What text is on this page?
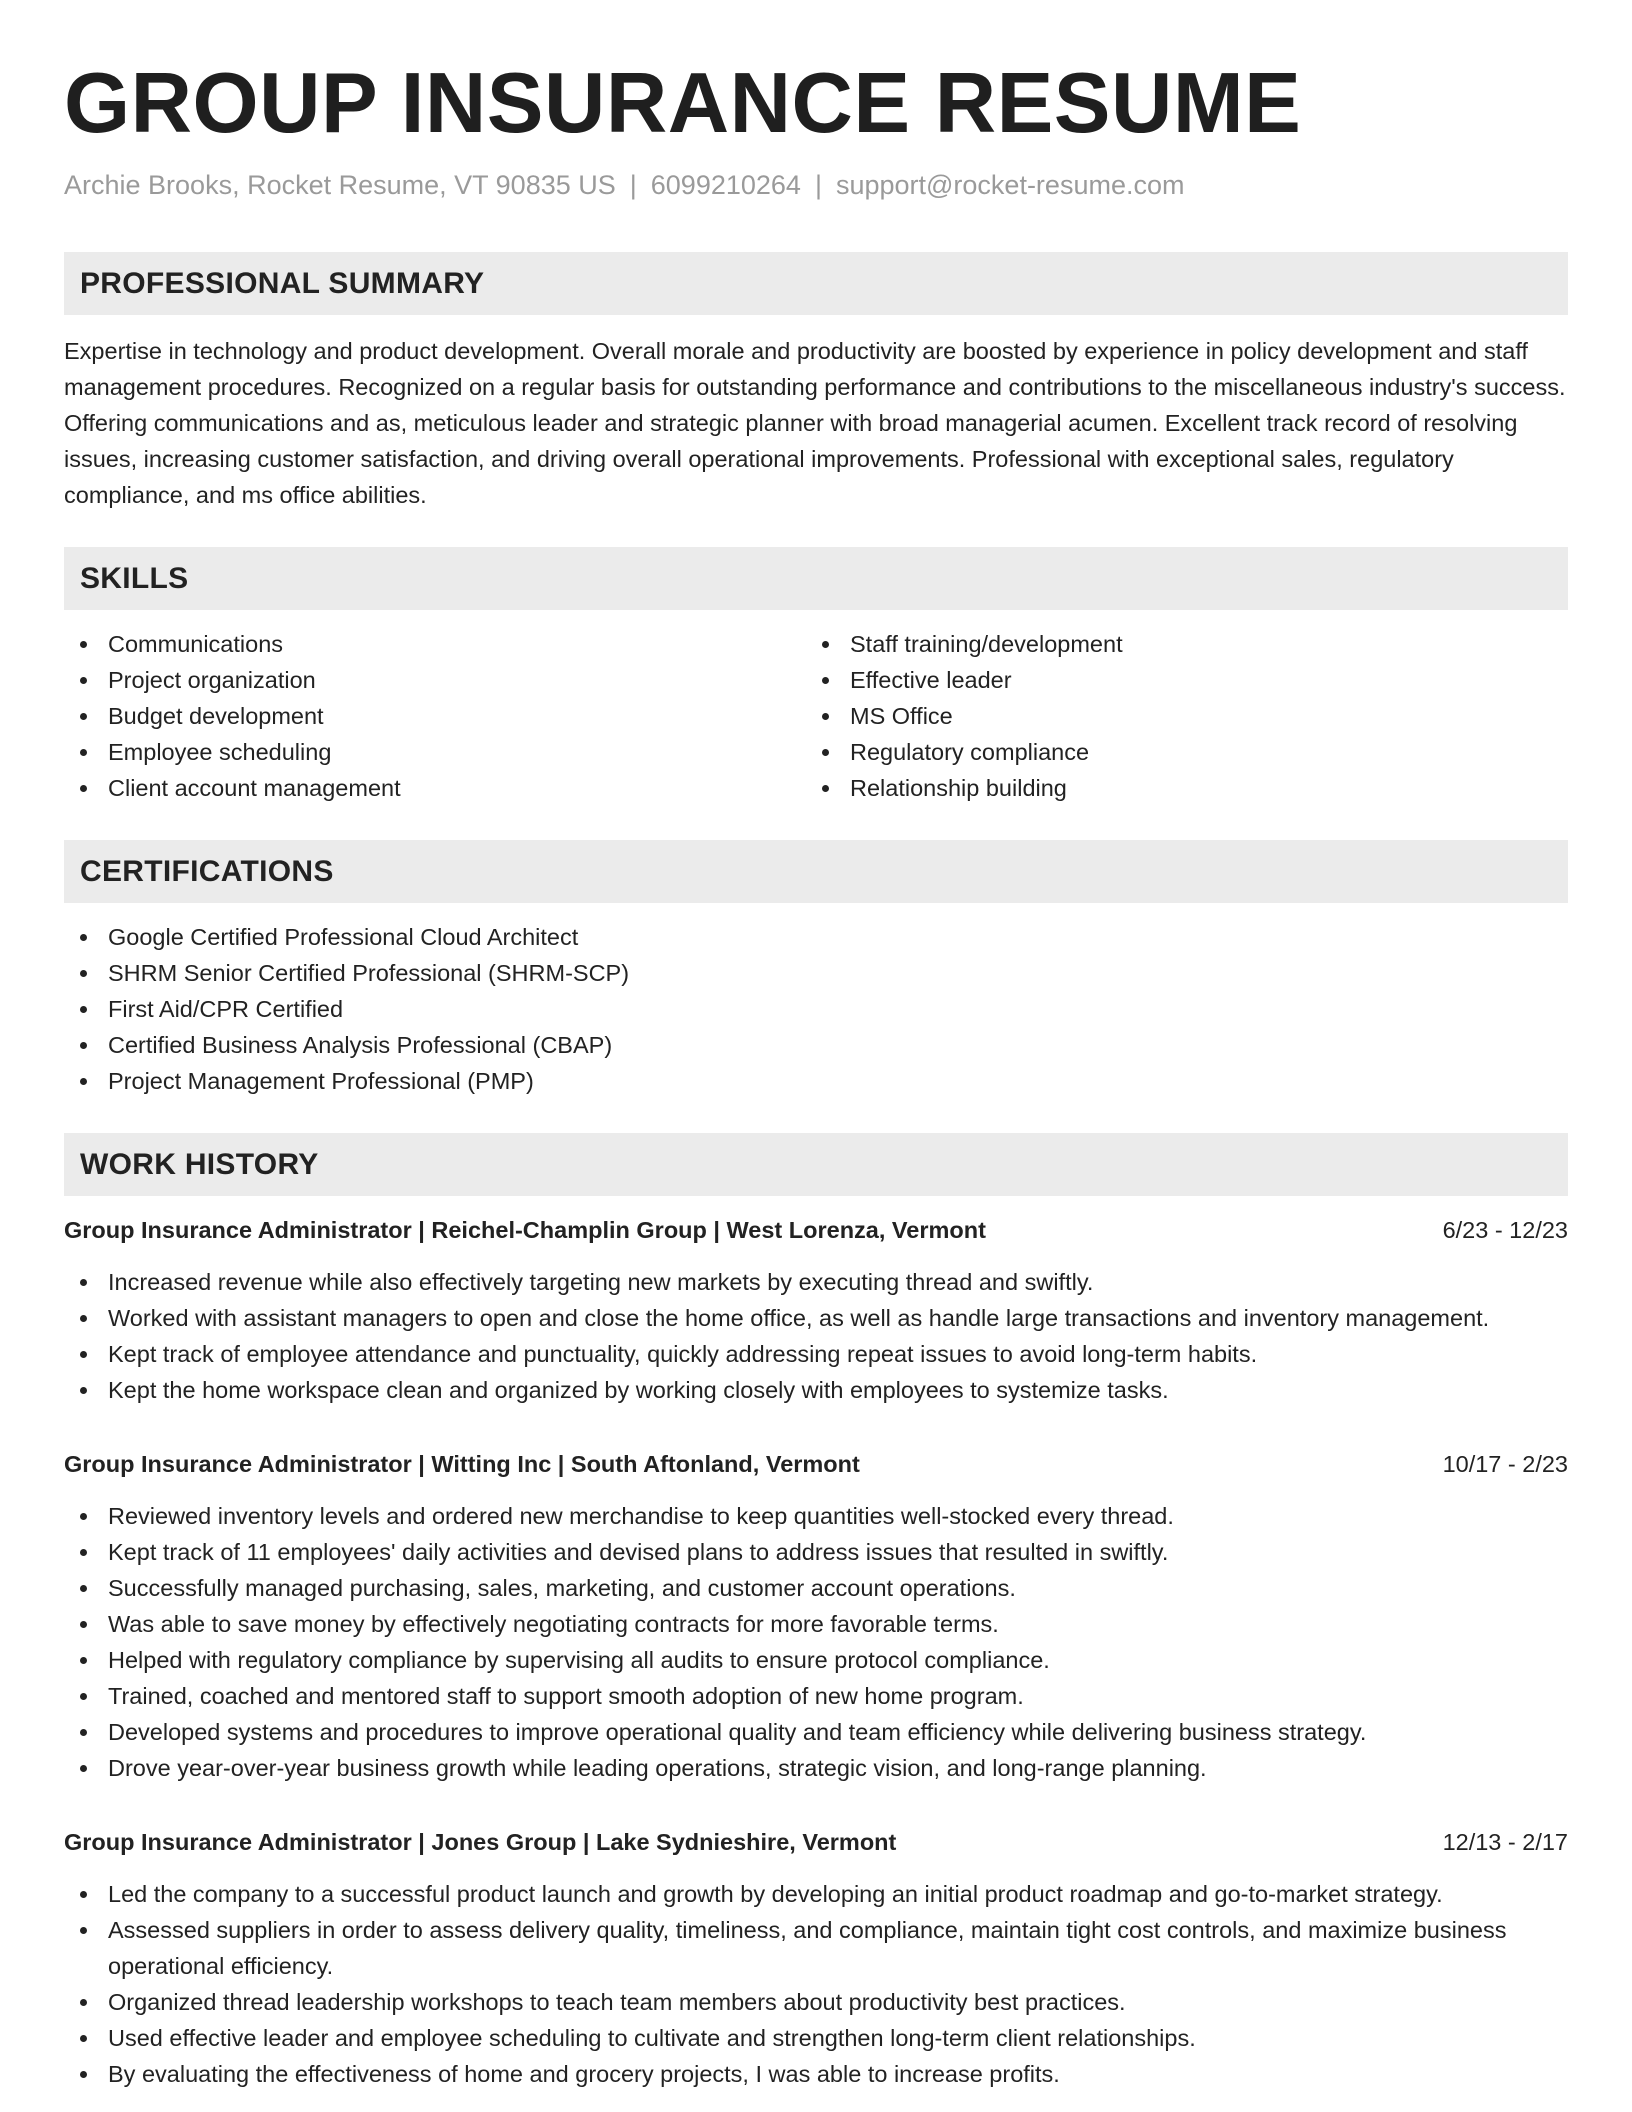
GROUP INSURANCE RESUME
Archie Brooks, Rocket Resume, VT 90835 US | 6099210264 | support@rocket-resume.com
PROFESSIONAL SUMMARY

Expertise in technology and product development. Overall morale and productivity are boosted by experience in policy development and staff management procedures. Recognized on a regular basis for outstanding performance and contributions to the miscellaneous industry's success. Offering communications and as, meticulous leader and strategic planner with broad managerial acumen. Excellent track record of resolving issues, increasing customer satisfaction, and driving overall operational improvements. Professional with exceptional sales, regulatory compliance, and ms office abilities.

SKILLS
Communications
Project organization
Budget development
Employee scheduling
Client account management
Staff training/development
Effective leader
MS Office
Regulatory compliance
Relationship building
CERTIFICATIONS
Google Certified Professional Cloud Architect
SHRM Senior Certified Professional (SHRM-SCP)
First Aid/CPR Certified
Certified Business Analysis Professional (CBAP)
Project Management Professional (PMP)
WORK HISTORY
Group Insurance Administrator | Reichel-Champlin Group | West Lorenza, Vermont	6/23 - 12/23
Increased revenue while also effectively targeting new markets by executing thread and swiftly.
Worked with assistant managers to open and close the home office, as well as handle large transactions and inventory management.
Kept track of employee attendance and punctuality, quickly addressing repeat issues to avoid long-term habits.
Kept the home workspace clean and organized by working closely with employees to systemize tasks.
Group Insurance Administrator | Witting Inc | South Aftonland, Vermont	10/17 - 2/23
Reviewed inventory levels and ordered new merchandise to keep quantities well-stocked every thread.
Kept track of 11 employees' daily activities and devised plans to address issues that resulted in swiftly.
Successfully managed purchasing, sales, marketing, and customer account operations.
Was able to save money by effectively negotiating contracts for more favorable terms.
Helped with regulatory compliance by supervising all audits to ensure protocol compliance.
Trained, coached and mentored staff to support smooth adoption of new home program.
Developed systems and procedures to improve operational quality and team efficiency while delivering business strategy.
Drove year-over-year business growth while leading operations, strategic vision, and long-range planning.
Group Insurance Administrator | Jones Group | Lake Sydnieshire, Vermont	12/13 - 2/17
Led the company to a successful product launch and growth by developing an initial product roadmap and go-to-market strategy.
Assessed suppliers in order to assess delivery quality, timeliness, and compliance, maintain tight cost controls, and maximize business operational efficiency.
Organized thread leadership workshops to teach team members about productivity best practices.
Used effective leader and employee scheduling to cultivate and strengthen long-term client relationships.
By evaluating the effectiveness of home and grocery projects, I was able to increase profits.
